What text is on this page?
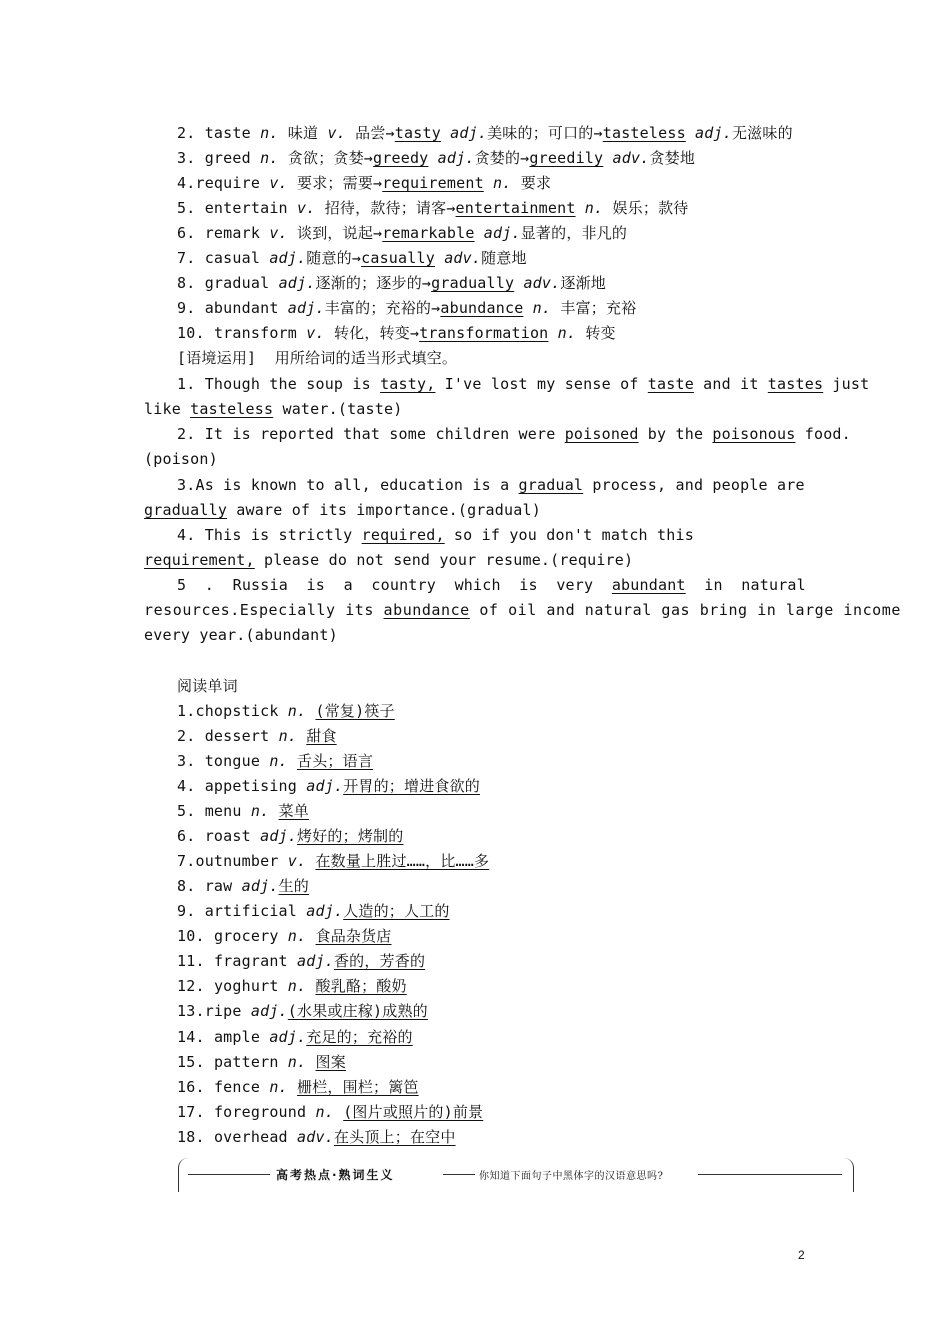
2. taste n. 味道 v. 品尝→tasty adj.美味的；可口的→tasteless adj.无滋味的
3. greed n. 贪欲；贪婪→greedy adj.贪婪的→greedily adv.贪婪地
4.require v. 要求；需要→requirement n. 要求
5. entertain v. 招待，款待；请客→entertainment n. 娱乐；款待
6. remark v. 谈到，说起→remarkable adj.显著的，非凡的
7. casual adj.随意的→casually adv.随意地
8. gradual adj.逐渐的；逐步的→gradually adv.逐渐地
9. abundant adj.丰富的；充裕的→abundance n. 丰富；充裕
10. transform v. 转化，转变→transformation n. 转变
[语境运用]  用所给词的适当形式填空。
1. Though the soup is tasty, I've lost my sense of taste and it tastes just
like tasteless water.(taste)
2. It is reported that some children were poisoned by the poisonous food.
(poison)
3.As is known to all, education is a gradual process, and people are
gradually aware of its importance.(gradual)
4. This is strictly required, so if you don't match this
requirement, please do not send your resume.(require)
5 . Russia is a country which is very abundant in natural
resources.Especially its abundance of oil and natural gas bring in large income
every year.(abundant)
阅读单词
1.chopstick n. (常复)筷子
2. dessert n. 甜食
3. tongue n. 舌头；语言
4. appetising adj.开胃的；增进食欲的
5. menu n. 菜单
6. roast adj.烤好的；烤制的
7.outnumber v. 在数量上胜过……，比……多
8. raw adj.生的
9. artificial adj.人造的；人工的
10. grocery n. 食品杂货店
11. fragrant adj.香的，芳香的
12. yoghurt n. 酸乳酪；酸奶
13.ripe adj.(水果或庄稼)成熟的
14. ample adj.充足的；充裕的
15. pattern n. 图案
16. fence n. 栅栏，围栏；篱笆
17. foreground n. (图片或照片的)前景
18. overhead adv.在头顶上；在空中
高考热点·熟词生义	你知道下面句子中黑体字的汉语意思吗?
2
